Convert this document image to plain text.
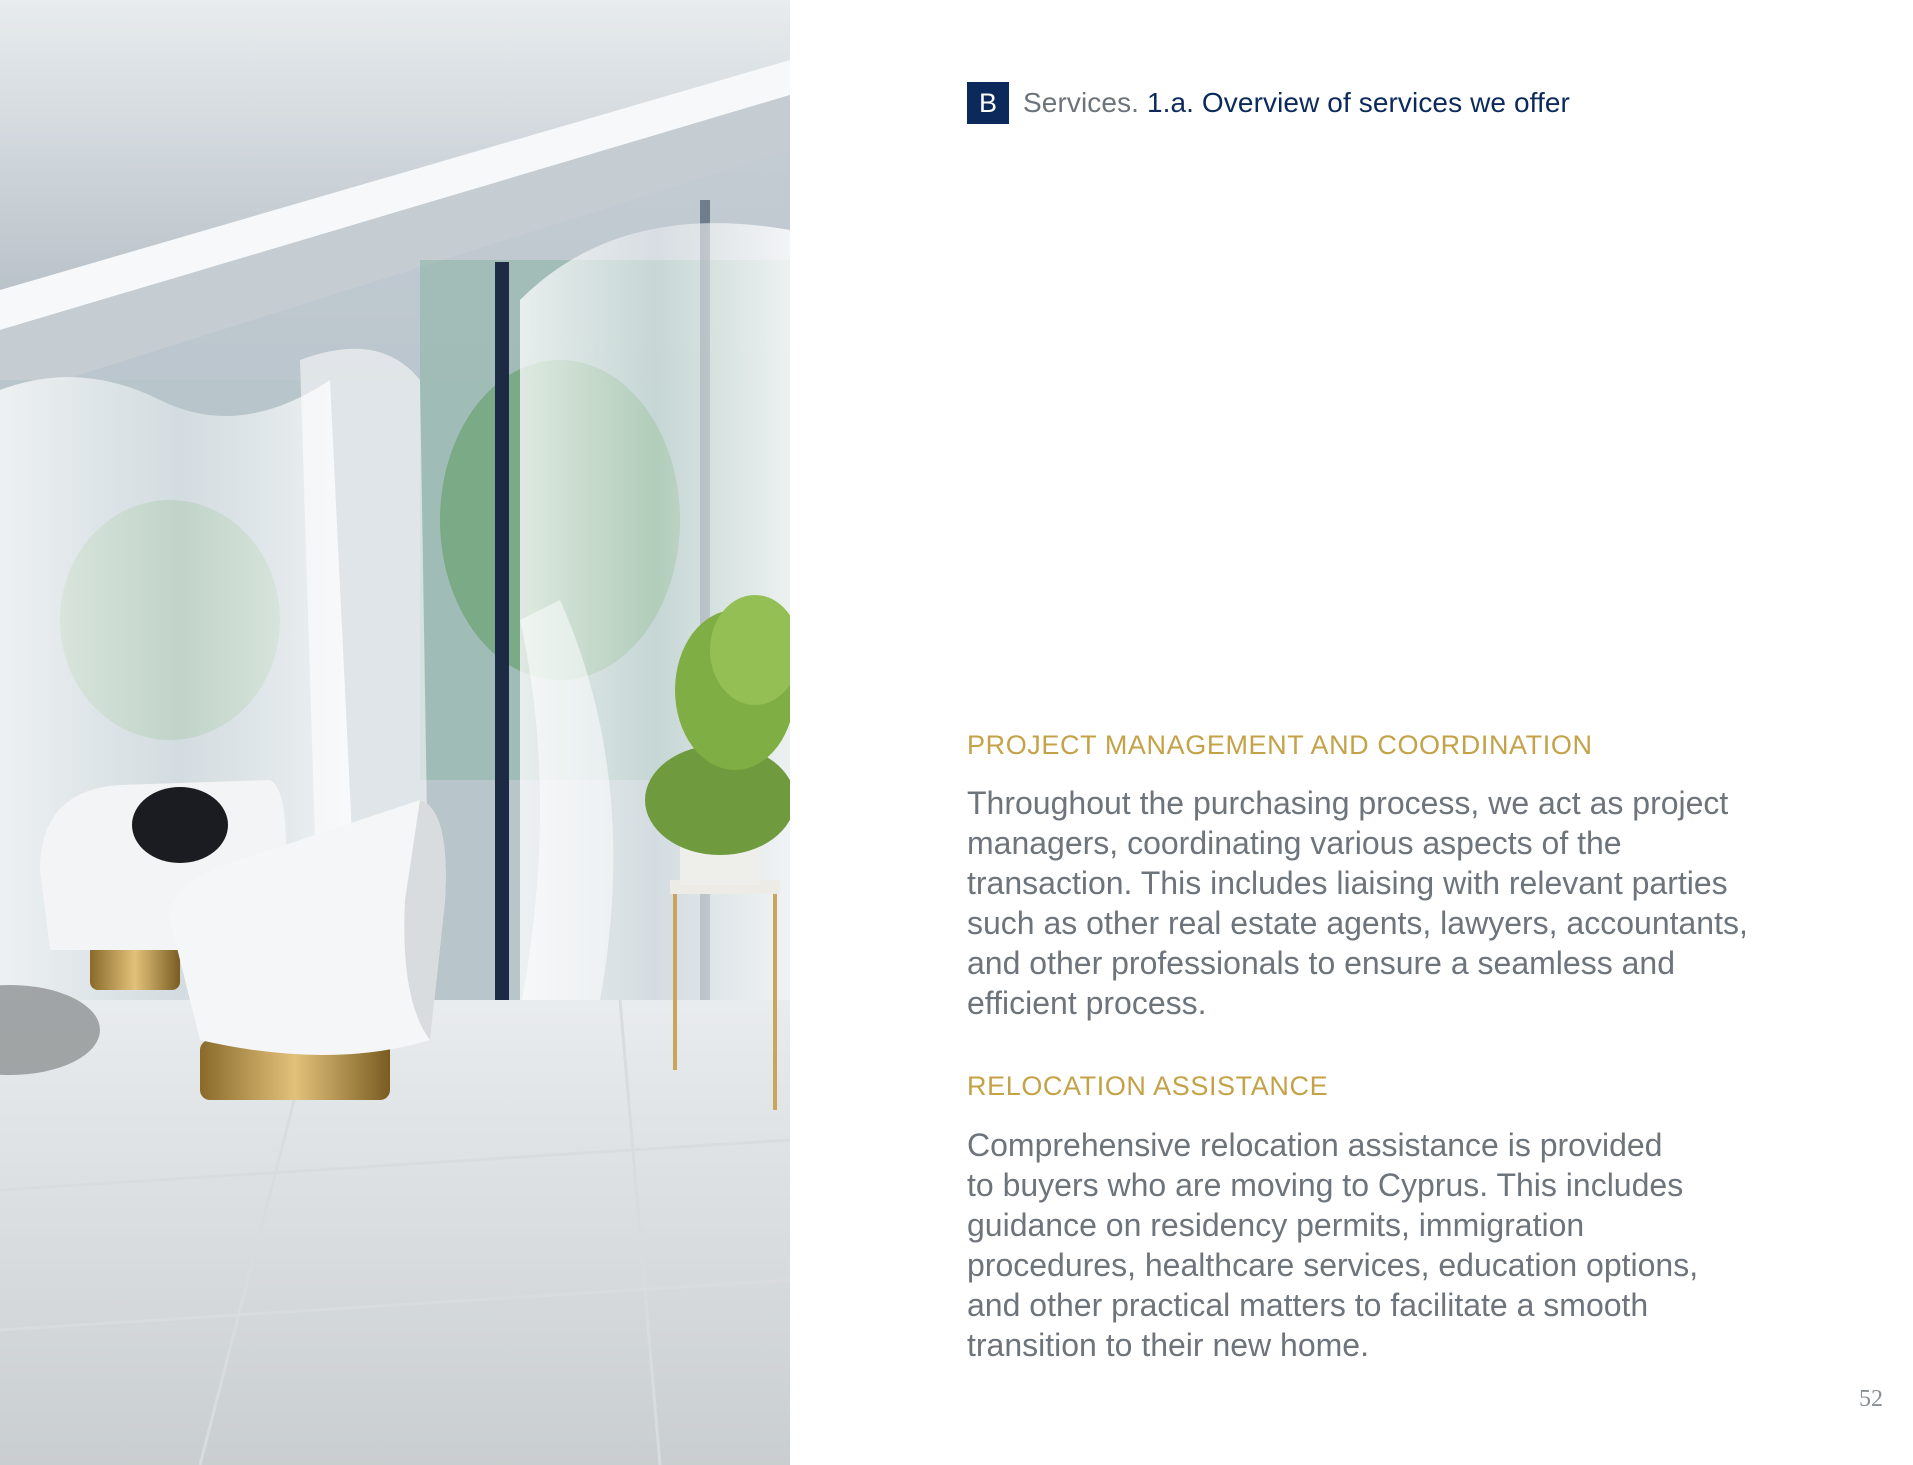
B Services. 1.a. Overview of services we offer
PROJECT MANAGEMENT AND COORDINATION
Throughout the purchasing process, we act as project
managers, coordinating various aspects of the
transaction. This includes liaising with relevant parties
such as other real estate agents, lawyers, accountants,
and other professionals to ensure a seamless and
efficient process.
RELOCATION ASSISTANCE
Comprehensive relocation assistance is provided
to buyers who are moving to Cyprus. This includes
guidance on residency permits, immigration
procedures, healthcare services, education options,
and other practical matters to facilitate a smooth
transition to their new home.
52
